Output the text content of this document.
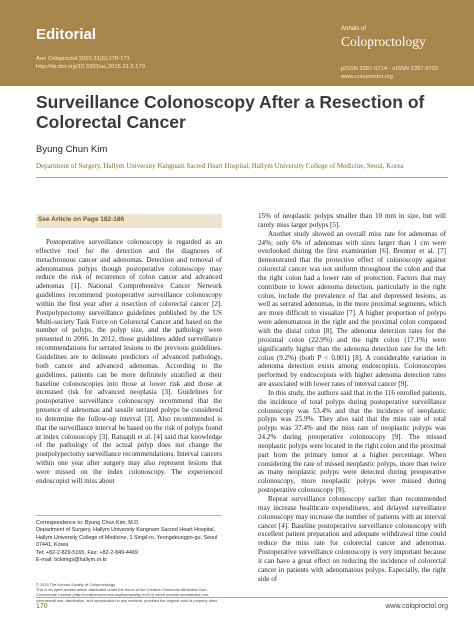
Editorial
Ann Coloproctol 2015;31(5):170-171
http://dx.doi.org/10.3393/ac.2015.31.5.170
Annals of
Coloproctology
pISSN 2287-9714 · eISSN 2287-9722
www.coloproctol.org
Surveillance Colonoscopy After a Resection of Colorectal Cancer
Byung Chun Kim
Department of Surgery, Hallym University Kangnam Sacred Heart Hospital, Hallym University College of Medicine, Seoul, Korea
See Article on Page 182-186

Postoperative surveillance colonoscopy is regarded as an effective tool for the detection and the diagnoses of metachronous cancer and adenomas. Detection and removal of adenomatous polyps though postoperative colonoscopy may reduce the risk of recurrence of colon cancer and advanced adenomas [1]. National Comprehensive Cancer Network guidelines recommend postoperative surveillance colonoscopy within the first year after a resection of colorectal cancer [2]. Postpolypectomy surveillance guidelines published by the US Multi-society Task Force on Colorectal Cancer and based on the number of polyps, the polyp size, and the pathology were presented in 2006. In 2012, those guidelines added surveillance recommendations for serrated lesions to the previous guidelines. Guidelines are to delineate predictors of advanced pathology, both cancer and advanced adenomas. According to the guidelines, patients can be more definitely stratified at their baseline colonoscopies into those at lower risk and those at increased risk for advanced neoplasia [3]. Guidelines for postoperative surveillance colonoscopy recommend that the presence of adenomas and sessile serrated polyps be considered to determine the follow-up interval [3]. Also recommended is that the surveillance interval be based on the risk of polyps found at index colonoscopy [3]. Ratuapli et al. [4] said that knowledge of the pathology of the actual polyp does not change the postpolypectomy surveillance recommendations. Interval cancers within one year after surgery may also represent lesions that were missed on the index colonoscopy. The experienced endoscopist will miss about

15% of neoplastic polyps smaller than 10 mm in size, but will rarely miss larger polyps [5].

Another study showed an overall miss rate for adenomas of 24%; only 6% of adenomas with sizes larger than 1 cm were overlooked during the first examination [6]. Brenner et al. [7] demonstrated that the protective effect of colonoscopy against colorectal cancer was not uniform throughout the colon and that the right colon had a lower rate of protection. Factors that may contribute to lower adenoma detection, particularly in the right colon, include the prevalence of flat and depressed lesions, as well as serrated adenomas, in the more proximal segments, which are more difficult to visualize [7]. A higher proportion of polyps were adenomatous in the right and the proximal colon compared with the distal colon [8]. The adenoma detection rates for the proximal colon (22.9%) and the right colon (17.1%) were significantly higher than the adenoma detection rate for the left colon (9.2%) (both P < 0.001) [8]. A considerable variation in adenoma detection exists among endoscopists. Colonoscopies performed by endoscopists with higher adenoma detection rates are associated with lower rates of interval cancer [9].

In this study, the authors said that in the 116 enrolled patients, the incidence of total polyps during postoperative surveillance colonoscopy was 53.4% and that the incidence of neoplastic polyps was 25.9%. They also said that the miss rate of total polyps was 37.4% and the miss rate of neoplastic polyps was 24.2% during preoperative colonoscopy [9]. The missed neoplastic polyps were located in the right colon and the proximal part from the primary tumor at a higher percentage. When considering the rate of missed neoplastic polyps, more than twice as many neoplastic polyps were detected during preoperative colonoscopy, more neoplastic polyps were missed during postoperative colonoscopy [9].

Repeat surveillance colonoscopy earlier than recommended may increase healthcare expenditures, and delayed surveillance colonoscopy may increase the number of patients with an interval cancer [4]. Baseline postoperative surveillance colonoscopy with excellent patient preparation and adequate withdrawal time could reduce the miss rate for colorectal cancer and adenomas. Postoperative surveillance colonoscopy is very important because it can have a great effect on reducing the incidence of colorectal cancer in patients with adenomatous polyps. Especially, the right side of

Correspondence to: Byung Chun Kim, M.D.
Department of Surgery, Hallym University Kangnam Sacred Heart Hospital,
Hallym University College of Medicine, 1 Singil-ro, Yeongdeungpo-gu, Seoul
07441, Korea
Tel: +82-2-829-5165, Fax: +82-2-849-4469
E-mail: bckimgs@hallym.or.kr
© 2015 The Korean Society of Coloproctology
This is an open-access article distributed under the terms of the Creative Commons Attribution Non-Commercial License (http://creativecommons.org/licenses/by-nc/3.0) which permits unrestricted non-commercial use, distribution, and reproduction in any medium, provided the original work is properly cited.
170	www.coloproctol.org
